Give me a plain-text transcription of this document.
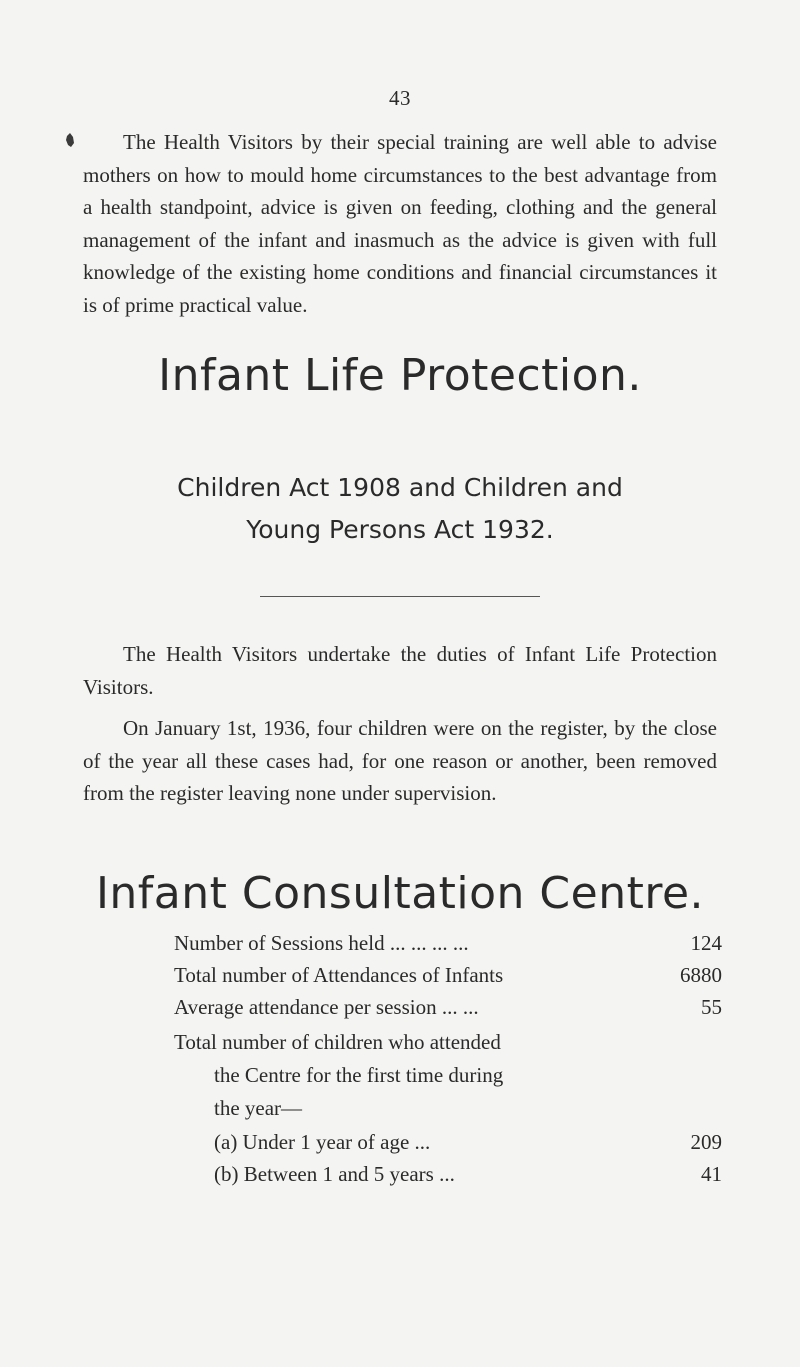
43

The Health Visitors by their special training are well able to advise mothers on how to mould home circumstances to the best advantage from a health standpoint, advice is given on feeding, clothing and the general management of the infant and inasmuch as the advice is given with full knowledge of the existing home conditions and financial circumstances it is of prime practical value.

Infant Life Protection.
Children Act 1908 and Children and
Young Persons Act 1932.

The Health Visitors undertake the duties of Infant Life Protection Visitors.

On January 1st, 1936, four children were on the register, by the close of the year all these cases had, for one reason or another, been removed from the register leaving none under supervision.

Infant Consultation Centre.
Number of Sessions held ... ... ... ...	124
Total number of Attendances of Infants	6880
Average attendance per session ... ...	55
Total number of children who attended
the Centre for the first time during
the year—
(a) Under 1 year of age ...	209
(b) Between 1 and 5 years ...	41
